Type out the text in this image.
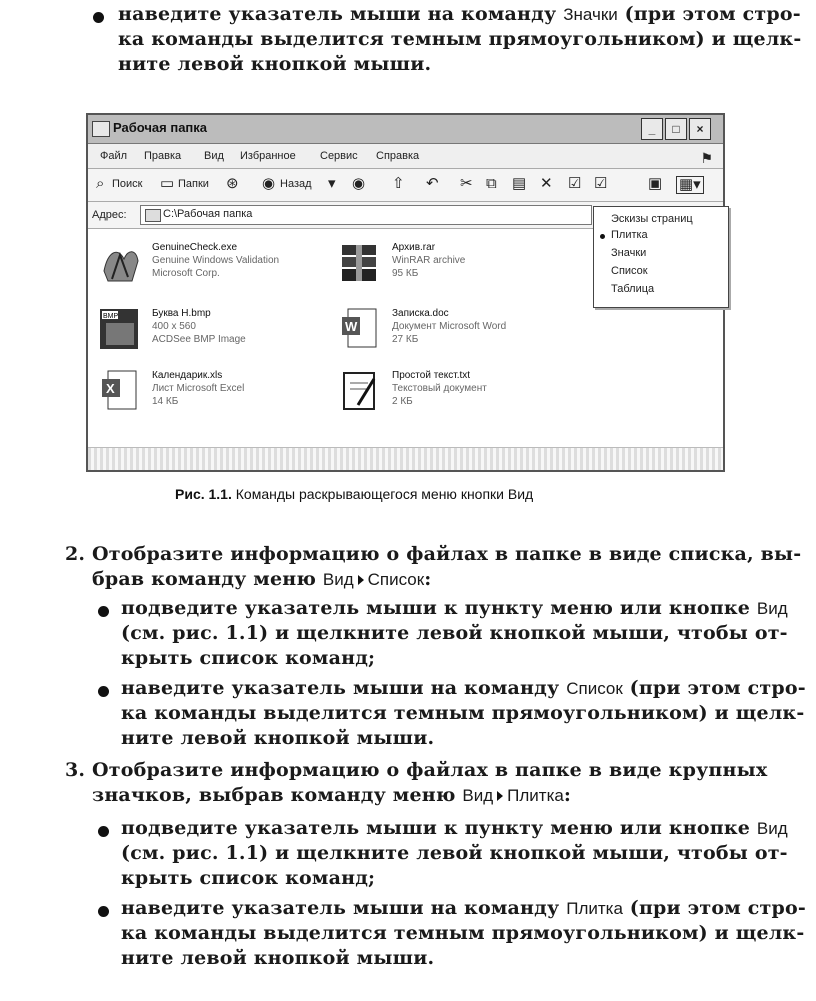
наведите указатель мыши на команду Значки (при этом стро-
ка команды выделится темным прямоугольником) и щелк-
ните левой кнопкой мыши.
Рабочая папка	_	□	×
Файл Правка Вид Избранное Сервис Справка	⚑
⌕ Поиск ▭ Папки ⊛ ◉ Назад ▾ ◉ ⇧ ↶ ✂ ⧉ ▤ ✕ ☑ ☑	▣ ▦▾
Адрес:	C:\Рабочая папка
GenuineCheck.exe
Genuine Windows Validation
Microsoft Corp.
Архив.rar
WinRAR archive
95 КБ
BMP	Буква Н.bmp
400 x 560
ACDSee BMP Image
W
Записка.doc
Документ Microsoft Word
27 КБ
X
Календарик.xls
Лист Microsoft Excel
14 КБ
Простой текст.txt
Текстовый документ
2 КБ
Эскизы страниц
Плитка
Значки
Список
Таблица
Рис. 1.1. Команды раскрывающегося меню кнопки Вид
2. Отобразите информацию о файлах в папке в виде списка, вы-
брав команду меню Вид Список:
подведите указатель мыши к пункту меню или кнопке Вид
(см. рис. 1.1) и щелкните левой кнопкой мыши, чтобы от-
крыть список команд;
наведите указатель мыши на команду Список (при этом стро-
ка команды выделится темным прямоугольником) и щелк-
ните левой кнопкой мыши.
3. Отобразите информацию о файлах в папке в виде крупных
значков, выбрав команду меню Вид Плитка:
подведите указатель мыши к пункту меню или кнопке Вид
(см. рис. 1.1) и щелкните левой кнопкой мыши, чтобы от-
крыть список команд;
наведите указатель мыши на команду Плитка (при этом стро-
ка команды выделится темным прямоугольником) и щелк-
ните левой кнопкой мыши.
